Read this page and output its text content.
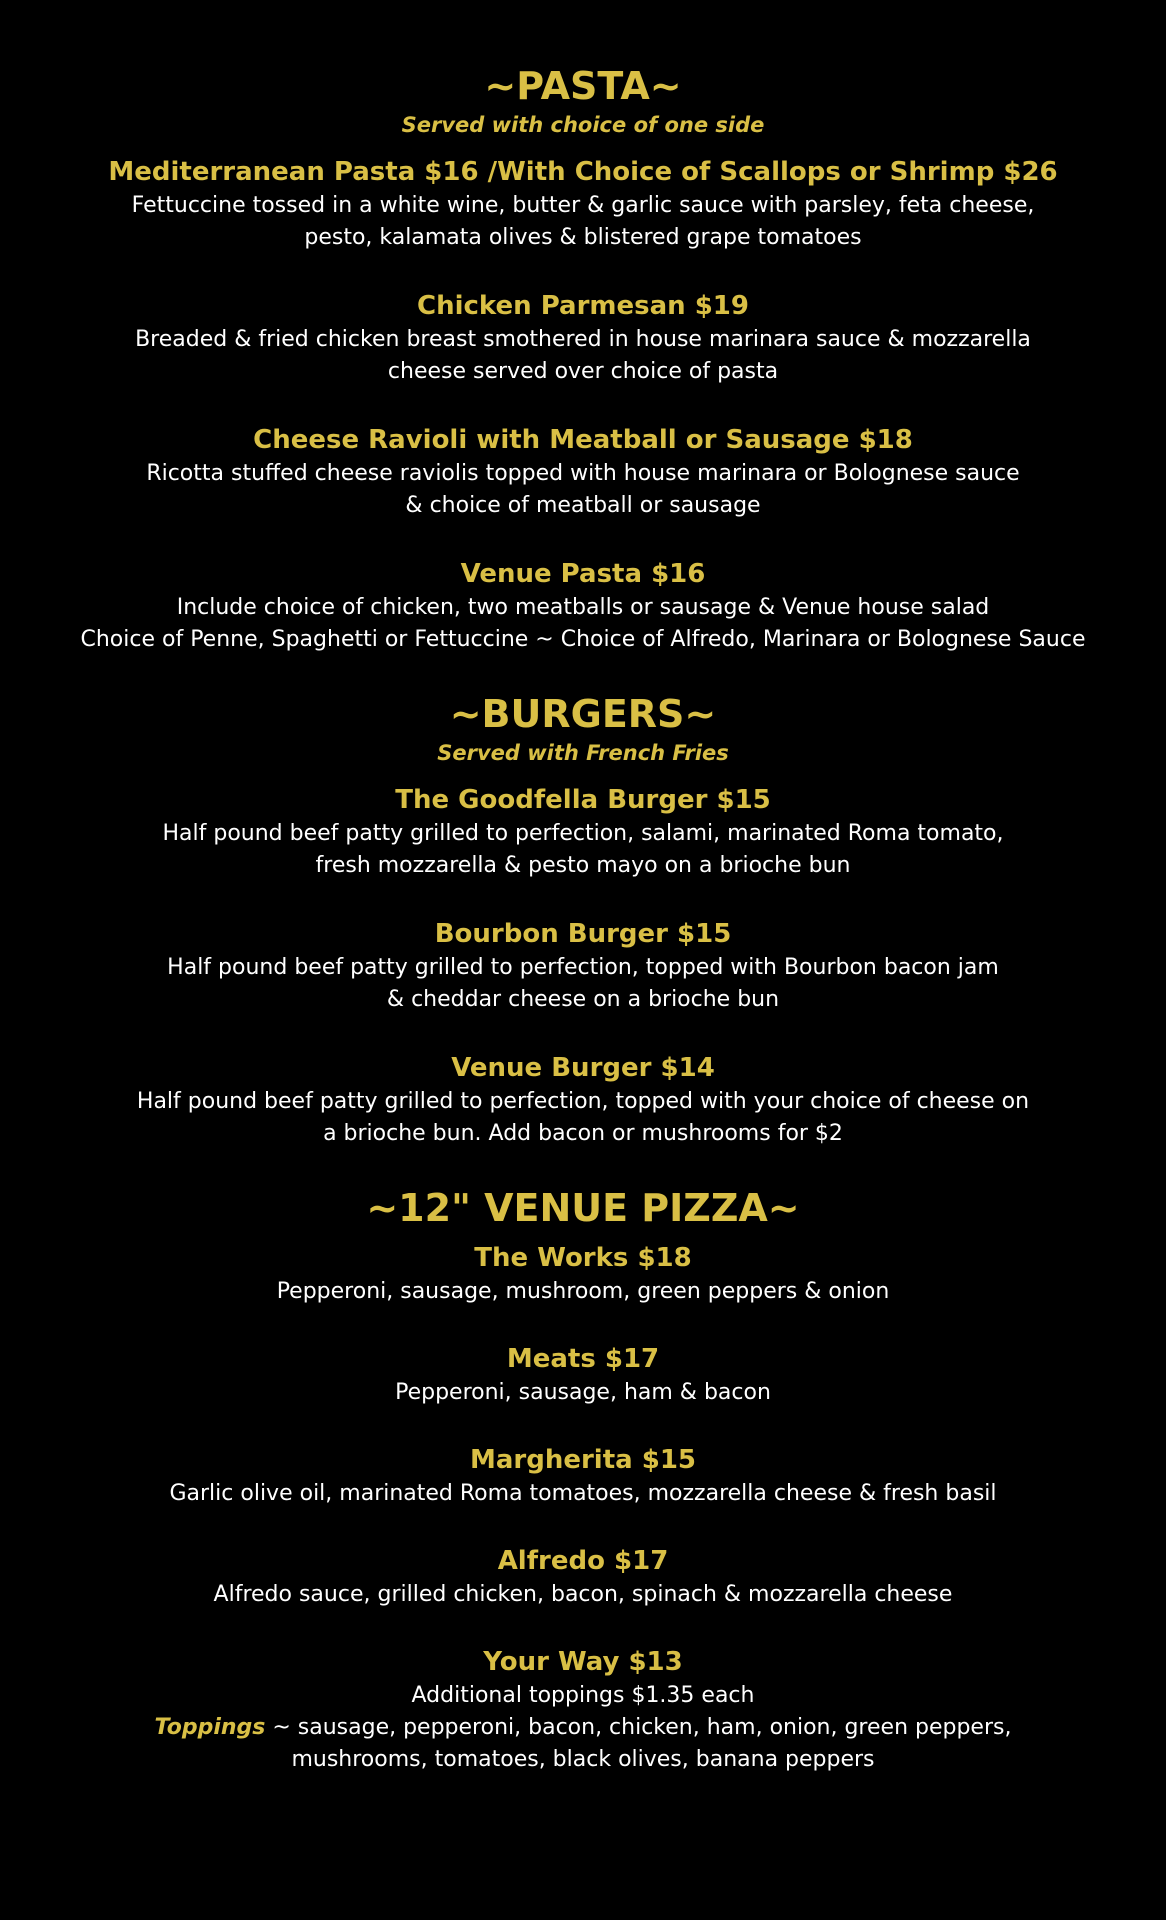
~PASTA~

Served with choice of one side

Mediterranean Pasta $16 /With Choice of Scallops or Shrimp $26

Fettuccine tossed in a white wine, butter & garlic sauce with parsley, feta cheese,
pesto, kalamata olives & blistered grape tomatoes

Chicken Parmesan $19

Breaded & fried chicken breast smothered in house marinara sauce & mozzarella
cheese served over choice of pasta

Cheese Ravioli with Meatball or Sausage $18

Ricotta stuffed cheese raviolis topped with house marinara or Bolognese sauce
& choice of meatball or sausage

Venue Pasta $16

Include choice of chicken, two meatballs or sausage & Venue house salad
Choice of Penne, Spaghetti or Fettuccine ~ Choice of Alfredo, Marinara or Bolognese Sauce

~BURGERS~

Served with French Fries

The Goodfella Burger $15

Half pound beef patty grilled to perfection, salami, marinated Roma tomato,
fresh mozzarella & pesto mayo on a brioche bun

Bourbon Burger $15

Half pound beef patty grilled to perfection, topped with Bourbon bacon jam
& cheddar cheese on a brioche bun

Venue Burger $14

Half pound beef patty grilled to perfection, topped with your choice of cheese on
a brioche bun. Add bacon or mushrooms for $2

~12" VENUE PIZZA~
The Works $18

Pepperoni, sausage, mushroom, green peppers & onion

Meats $17

Pepperoni, sausage, ham & bacon

Margherita $15

Garlic olive oil, marinated Roma tomatoes, mozzarella cheese & fresh basil

Alfredo $17

Alfredo sauce, grilled chicken, bacon, spinach & mozzarella cheese

Your Way $13

Additional toppings $1.35 each

Toppings ~ sausage, pepperoni, bacon, chicken, ham, onion, green peppers,
mushrooms, tomatoes, black olives, banana peppers
